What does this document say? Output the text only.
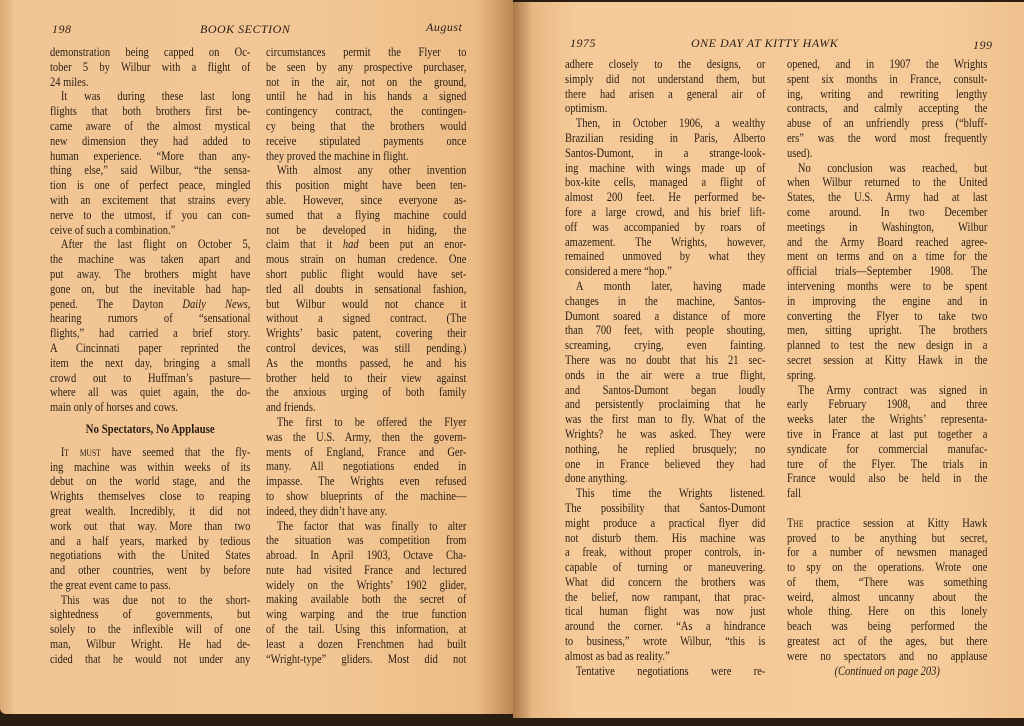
198	BOOK SECTION	August
demonstration being capped on Oc-
tober 5 by Wilbur with a flight of
24 miles.
It was during these last long
flights that both brothers first be-
came aware of the almost mystical
new dimension they had added to
human experience. “More than any-
thing else,” said Wilbur, “the sensa-
tion is one of perfect peace, mingled
with an excitement that strains every
nerve to the utmost, if you can con-
ceive of such a combination.”
After the last flight on October 5,
the machine was taken apart and
put away. The brothers might have
gone on, but the inevitable had hap-
pened. The Dayton Daily News,
hearing rumors of “sensational
flights,” had carried a brief story.
A Cincinnati paper reprinted the
item the next day, bringing a small
crowd out to Huffman’s pasture—
where all was quiet again, the do-
main only of horses and cows.
No Spectators, No Applause
It must have seemed that the fly-
ing machine was within weeks of its
debut on the world stage, and the
Wrights themselves close to reaping
great wealth. Incredibly, it did not
work out that way. More than two
and a half years, marked by tedious
negotiations with the United States
and other countries, went by before
the great event came to pass.
This was due not to the short-
sightedness of governments, but
solely to the inflexible will of one
man, Wilbur Wright. He had de-
cided that he would not under any
circumstances permit the Flyer to
be seen by any prospective purchaser,
not in the air, not on the ground,
until he had in his hands a signed
contingency contract, the contingen-
cy being that the brothers would
receive stipulated payments once
they proved the machine in flight.
With almost any other invention
this position might have been ten-
able. However, since everyone as-
sumed that a flying machine could
not be developed in hiding, the
claim that it had been put an enor-
mous strain on human credence. One
short public flight would have set-
tled all doubts in sensational fashion,
but Wilbur would not chance it
without a signed contract. (The
Wrights’ basic patent, covering their
control devices, was still pending.)
As the months passed, he and his
brother held to their view against
the anxious urging of both family
and friends.
The first to be offered the Flyer
was the U.S. Army, then the govern-
ments of England, France and Ger-
many. All negotiations ended in
impasse. The Wrights even refused
to show blueprints of the machine—
indeed, they didn’t have any.
The factor that was finally to alter
the situation was competition from
abroad. In April 1903, Octave Cha-
nute had visited France and lectured
widely on the Wrights’ 1902 glider,
making available both the secret of
wing warping and the true function
of the tail. Using this information, at
least a dozen Frenchmen had built
“Wright-type” gliders. Most did not
1975	ONE DAY AT KITTY HAWK	199
adhere closely to the designs, or
simply did not understand them, but
there had arisen a general air of
optimism.
Then, in October 1906, a wealthy
Brazilian residing in Paris, Alberto
Santos-Dumont, in a strange-look-
ing machine with wings made up of
box-kite cells, managed a flight of
almost 200 feet. He performed be-
fore a large crowd, and his brief lift-
off was accompanied by roars of
amazement. The Wrights, however,
remained unmoved by what they
considered a mere “hop.”
A month later, having made
changes in the machine, Santos-
Dumont soared a distance of more
than 700 feet, with people shouting,
screaming, crying, even fainting.
There was no doubt that his 21 sec-
onds in the air were a true flight,
and Santos-Dumont began loudly
and persistently proclaiming that he
was the first man to fly. What of the
Wrights? he was asked. They were
nothing, he replied brusquely; no
one in France believed they had
done anything.
This time the Wrights listened.
The possibility that Santos-Dumont
might produce a practical flyer did
not disturb them. His machine was
a freak, without proper controls, in-
capable of turning or maneuvering.
What did concern the brothers was
the belief, now rampant, that prac-
tical human flight was now just
around the corner. “As a hindrance
to business,” wrote Wilbur, “this is
almost as bad as reality.”
Tentative negotiations were re-
opened, and in 1907 the Wrights
spent six months in France, consult-
ing, writing and rewriting lengthy
contracts, and calmly accepting the
abuse of an unfriendly press (“bluff-
ers” was the word most frequently
used).
No conclusion was reached, but
when Wilbur returned to the United
States, the U.S. Army had at last
come around. In two December
meetings in Washington, Wilbur
and the Army Board reached agree-
ment on terms and on a time for the
official trials—September 1908. The
intervening months were to be spent
in improving the engine and in
converting the Flyer to take two
men, sitting upright. The brothers
planned to test the new design in a
secret session at Kitty Hawk in the
spring.
The Army contract was signed in
early February 1908, and three
weeks later the Wrights’ representa-
tive in France at last put together a
syndicate for commercial manufac-
ture of the Flyer. The trials in
France would also be held in the
fall
The practice session at Kitty Hawk
proved to be anything but secret,
for a number of newsmen managed
to spy on the operations. Wrote one
of them, “There was something
weird, almost uncanny about the
whole thing. Here on this lonely
beach was being performed the
greatest act of the ages, but there
were no spectators and no applause
(Continued on page 203)
